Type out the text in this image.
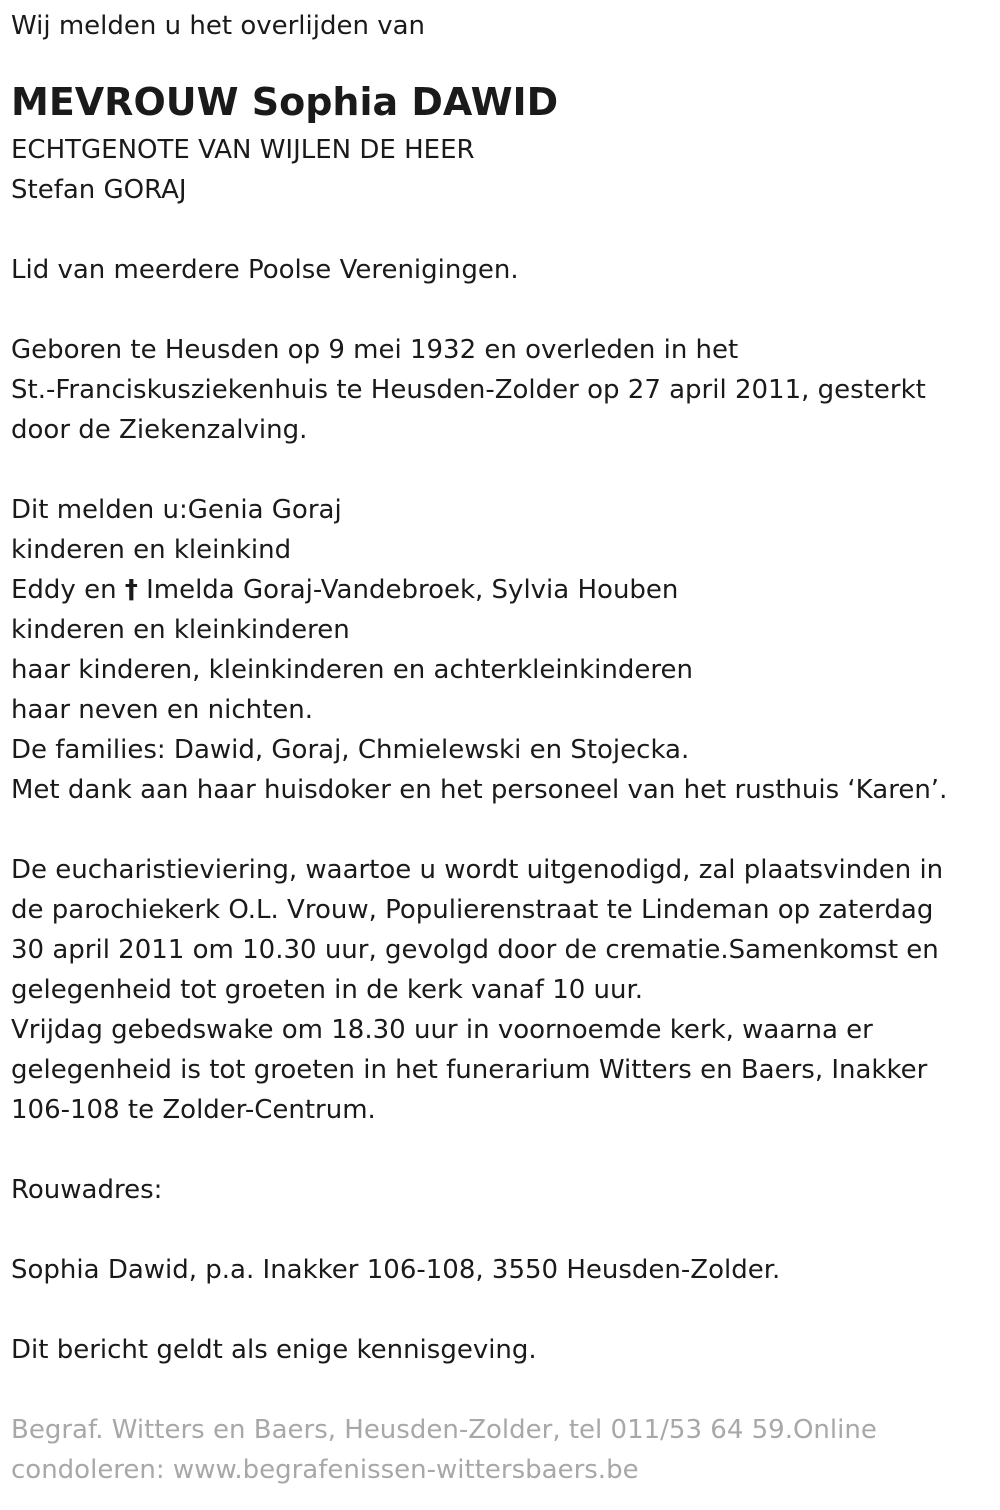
Wij melden u het overlijden van
MEVROUW Sophia DAWID
ECHTGENOTE VAN WIJLEN DE HEER
Stefan GORAJ
Lid van meerdere Poolse Verenigingen.
Geboren te Heusden op 9 mei 1932 en overleden in het
St.-Franciskusziekenhuis te Heusden-Zolder op 27 april 2011, gesterkt
door de Ziekenzalving.
Dit melden u:Genia Goraj
kinderen en kleinkind
Eddy en † Imelda Goraj-Vandebroek, Sylvia Houben
kinderen en kleinkinderen
haar kinderen, kleinkinderen en achterkleinkinderen
haar neven en nichten.
De families: Dawid, Goraj, Chmielewski en Stojecka.
Met dank aan haar huisdoker en het personeel van het rusthuis ‘Karen’.
De eucharistieviering, waartoe u wordt uitgenodigd, zal plaatsvinden in
de parochiekerk O.L. Vrouw, Populierenstraat te Lindeman op zaterdag
30 april 2011 om 10.30 uur, gevolgd door de crematie.Samenkomst en
gelegenheid tot groeten in de kerk vanaf 10 uur.
Vrijdag gebedswake om 18.30 uur in voornoemde kerk, waarna er
gelegenheid is tot groeten in het funerarium Witters en Baers, Inakker
106-108 te Zolder-Centrum.
Rouwadres:
Sophia Dawid, p.a. Inakker 106-108, 3550 Heusden-Zolder.
Dit bericht geldt als enige kennisgeving.
Begraf. Witters en Baers, Heusden-Zolder, tel 011/53 64 59.Online
condoleren: www.begrafenissen-wittersbaers.be
